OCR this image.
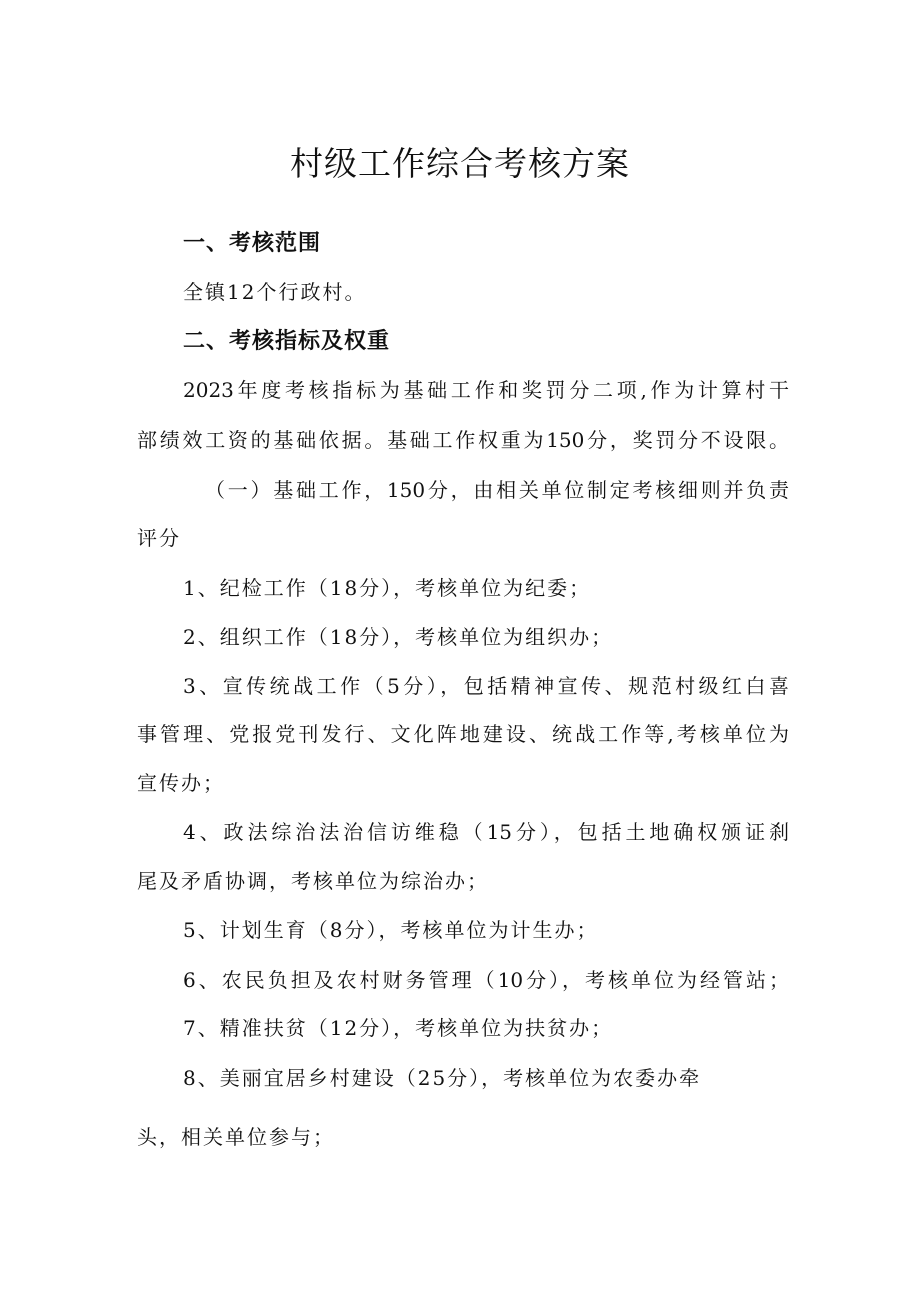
村级工作综合考核方案
一、考核范围
全镇12个行政村。
二、考核指标及权重
2023年度考核指标为基础工作和奖罚分二项,作为计算村干
部绩效工资的基础依据。基础工作权重为150分，奖罚分不设限。
（一）基础工作，150分，由相关单位制定考核细则并负责
评分
1、纪检工作（18分），考核单位为纪委；
2、组织工作（18分），考核单位为组织办；
3、宣传统战工作（5分），包括精神宣传、规范村级红白喜
事管理、党报党刊发行、文化阵地建设、统战工作等,考核单位为
宣传办；
4、政法综治法治信访维稳（15分），包括土地确权颁证刹
尾及矛盾协调，考核单位为综治办；
5、计划生育（8分），考核单位为计生办；
6、农民负担及农村财务管理（10分），考核单位为经管站；
7、精准扶贫（12分），考核单位为扶贫办；
8、美丽宜居乡村建设（25分），考核单位为农委办牵
头，相关单位参与；
